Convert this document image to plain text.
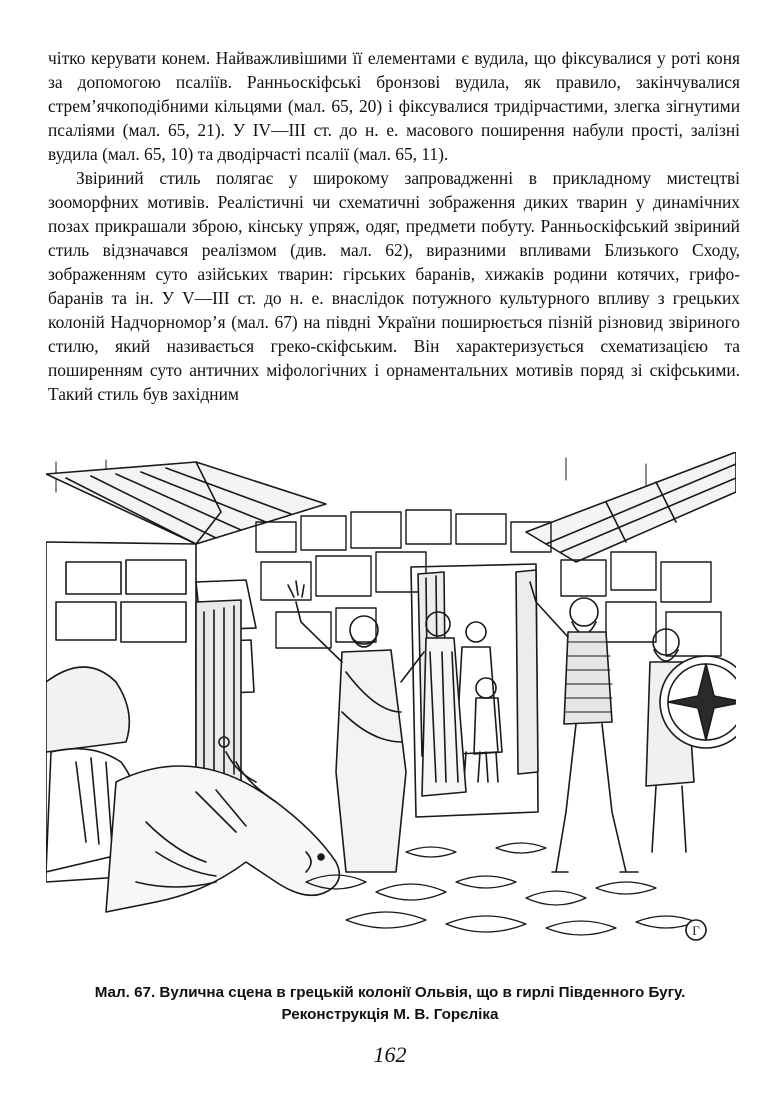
чітко керувати конем. Найважливішими її елементами є вудила, що фіксувалися у роті коня за допомогою псаліїв. Ранньоскіфські бронзові вудила, як правило, закінчувалися стрем’ячкоподібними кільцями (мал. 65, 20) і фіксувалися тридірчастими, злегка зігнутими псаліями (мал. 65, 21). У IV—III ст. до н. е. масового поширення набули прості, залізні вудила (мал. 65, 10) та дводірчасті псалії (мал. 65, 11).

Звіриний стиль полягає у широкому запровадженні в прикладному мистецтві зооморфних мотивів. Реалістичні чи схематичні зображення диких тварин у динамічних позах прикрашали зброю, кінську упряж, одяг, предмети побуту. Ранньоскіфський звіриний стиль відзначався реалізмом (див. мал. 62), виразними впливами Близького Сходу, зображенням суто азійських тварин: гірських баранів, хижаків родини котячих, грифо-баранів та ін. У V—III ст. до н. е. внаслідок потужного культурного впливу з грецьких колоній Надчорномор’я (мал. 67) на півдні України поширюється пізній різновид звіриного стилю, який називається греко-скіфським. Він характеризується схематизацією та поширенням суто античних міфологічних і орнаментальних мотивів поряд зі скіфськими. Такий стиль був західним

Г
Мал. 67. Вулична сцена в грецькій колонії Ольвія, що в гирлі Південного Бугу.
Реконструкція М. В. Горєліка
162
